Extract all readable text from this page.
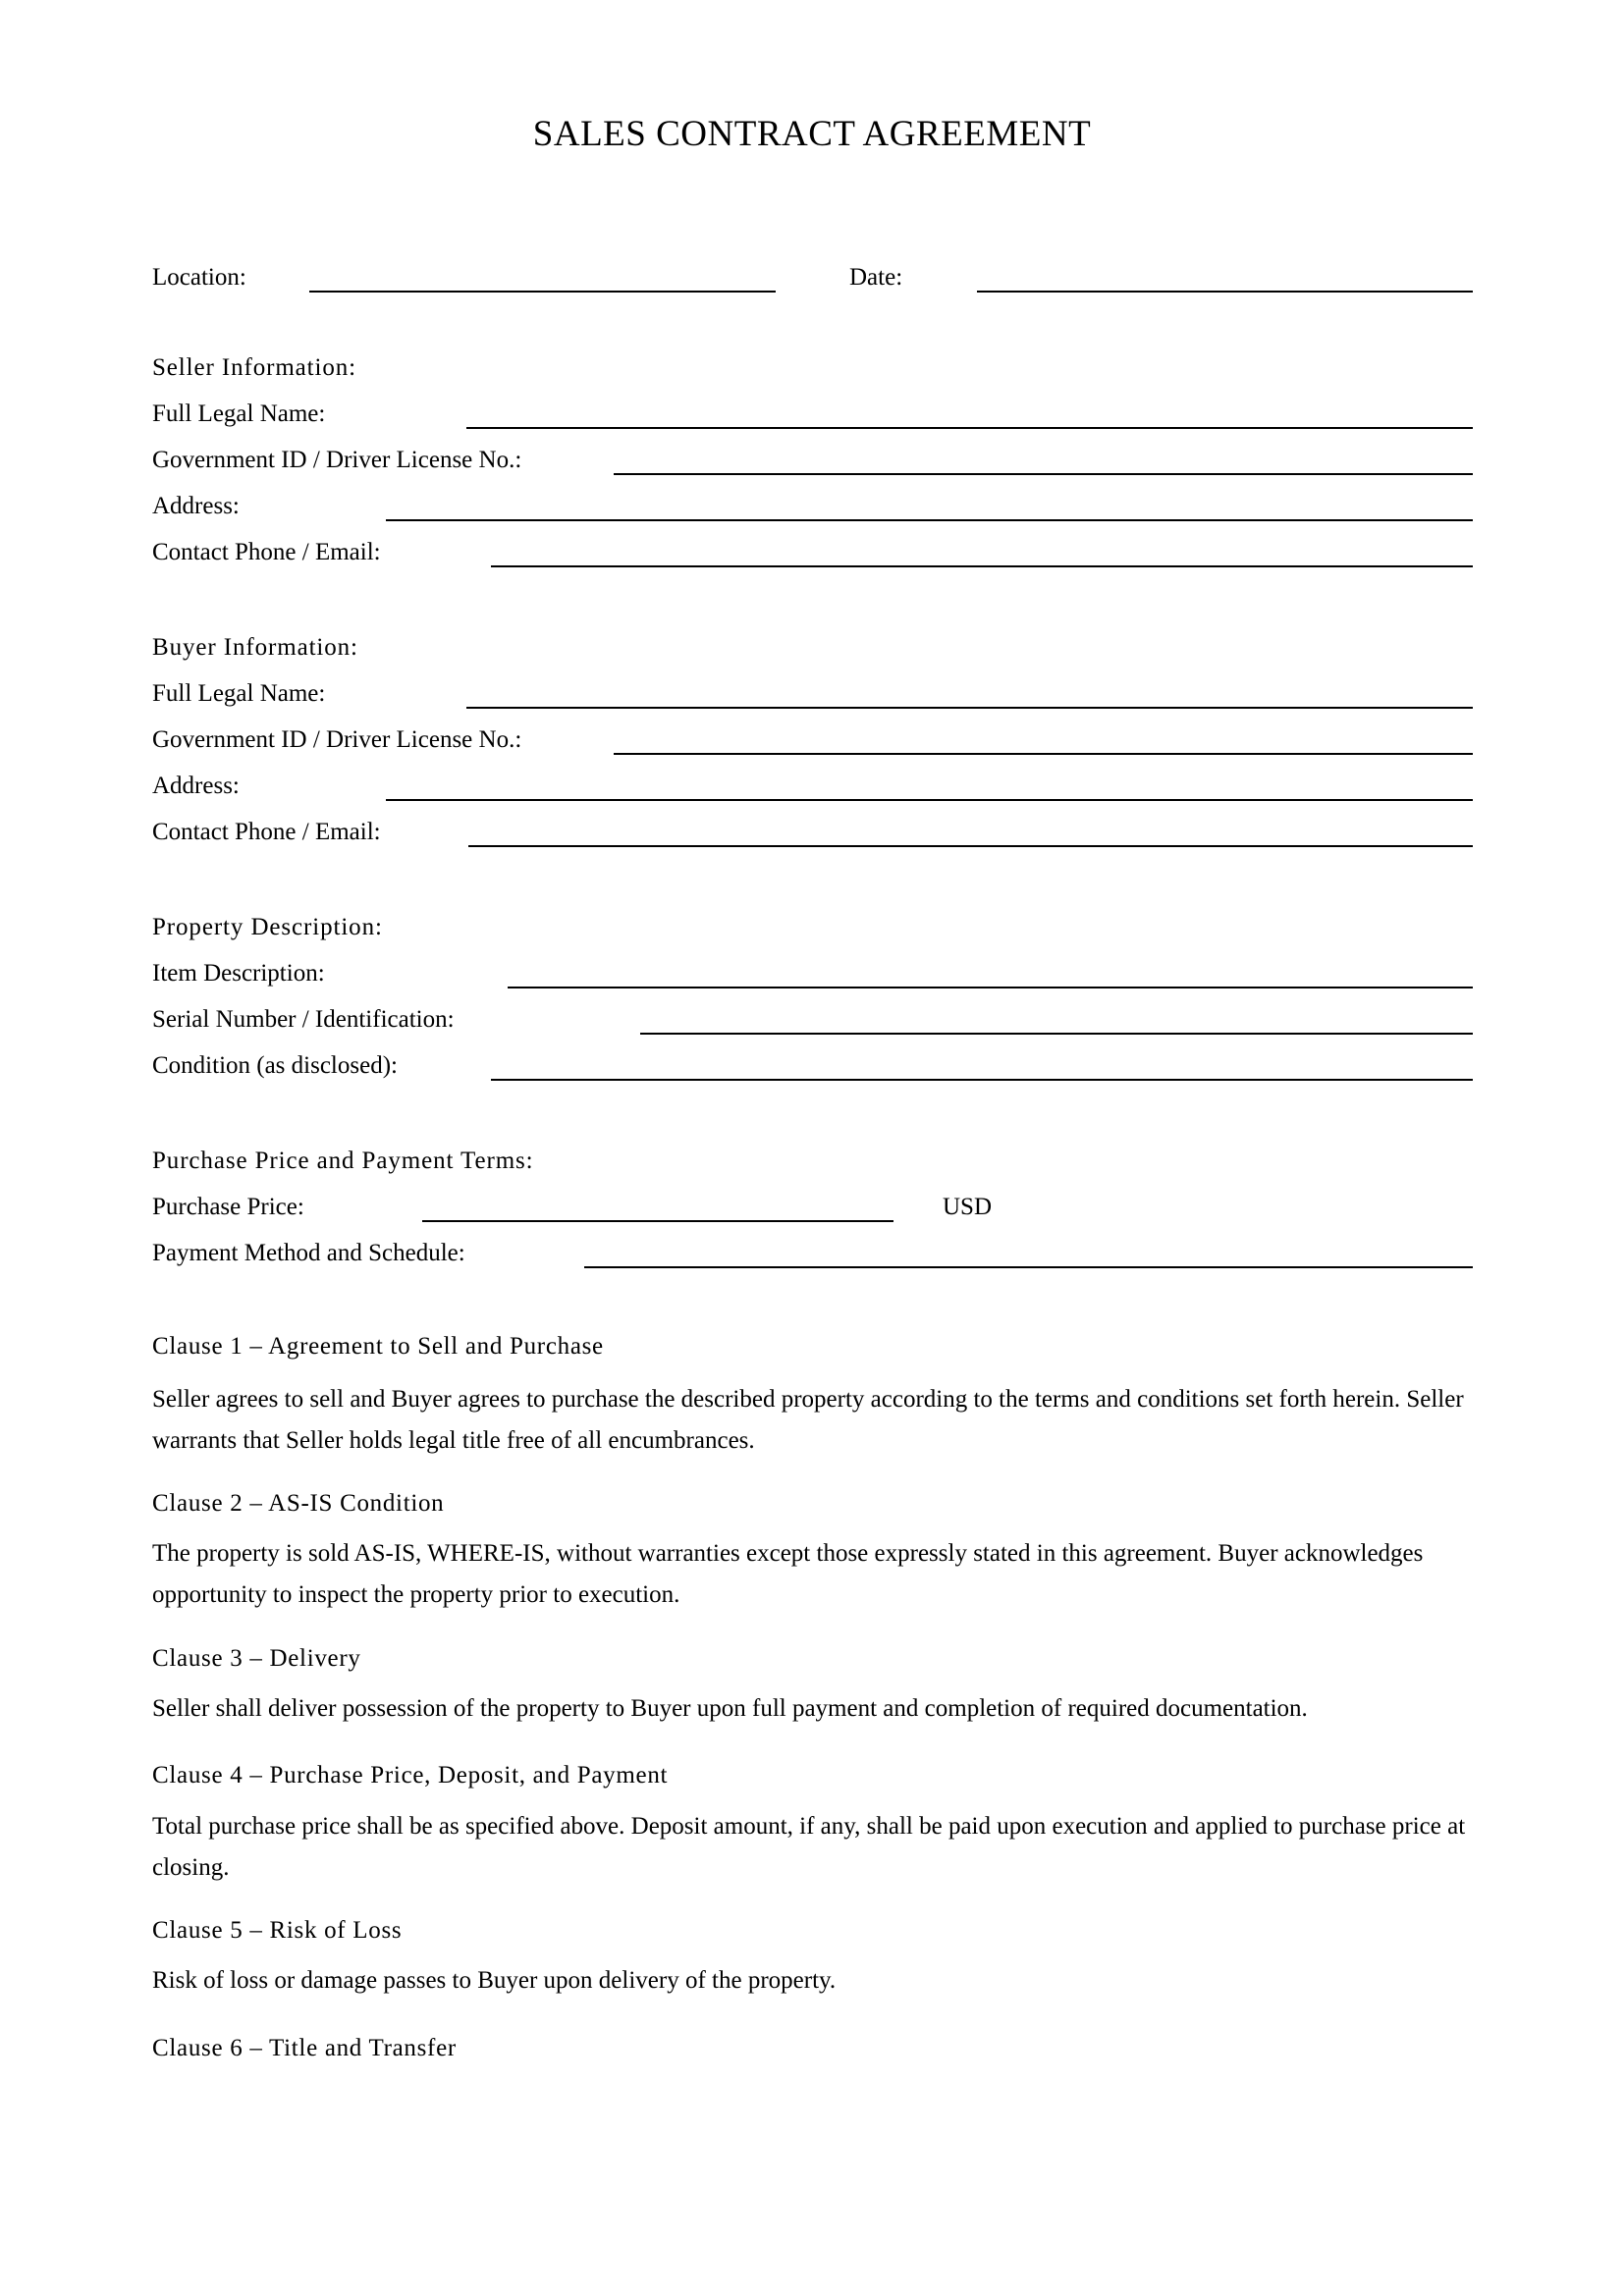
SALES CONTRACT AGREEMENT
Location:	Date:
Seller Information:
Full Legal Name:
Government ID / Driver License No.:
Address:
Contact Phone / Email:
Buyer Information:
Full Legal Name:
Government ID / Driver License No.:
Address:
Contact Phone / Email:
Property Description:
Item Description:
Serial Number / Identification:
Condition (as disclosed):
Purchase Price and Payment Terms:
Purchase Price:	USD
Payment Method and Schedule:
Clause 1 – Agreement to Sell and Purchase
Seller agrees to sell and Buyer agrees to purchase the described property according to the terms and conditions set forth herein. Seller warrants that Seller holds legal title free of all encumbrances.
Clause 2 – AS-IS Condition
The property is sold AS-IS, WHERE-IS, without warranties except those expressly stated in this agreement. Buyer acknowledges opportunity to inspect the property prior to execution.
Clause 3 – Delivery
Seller shall deliver possession of the property to Buyer upon full payment and completion of required documentation.
Clause 4 – Purchase Price, Deposit, and Payment
Total purchase price shall be as specified above. Deposit amount, if any, shall be paid upon execution and applied to purchase price at closing.
Clause 5 – Risk of Loss
Risk of loss or damage passes to Buyer upon delivery of the property.
Clause 6 – Title and Transfer
